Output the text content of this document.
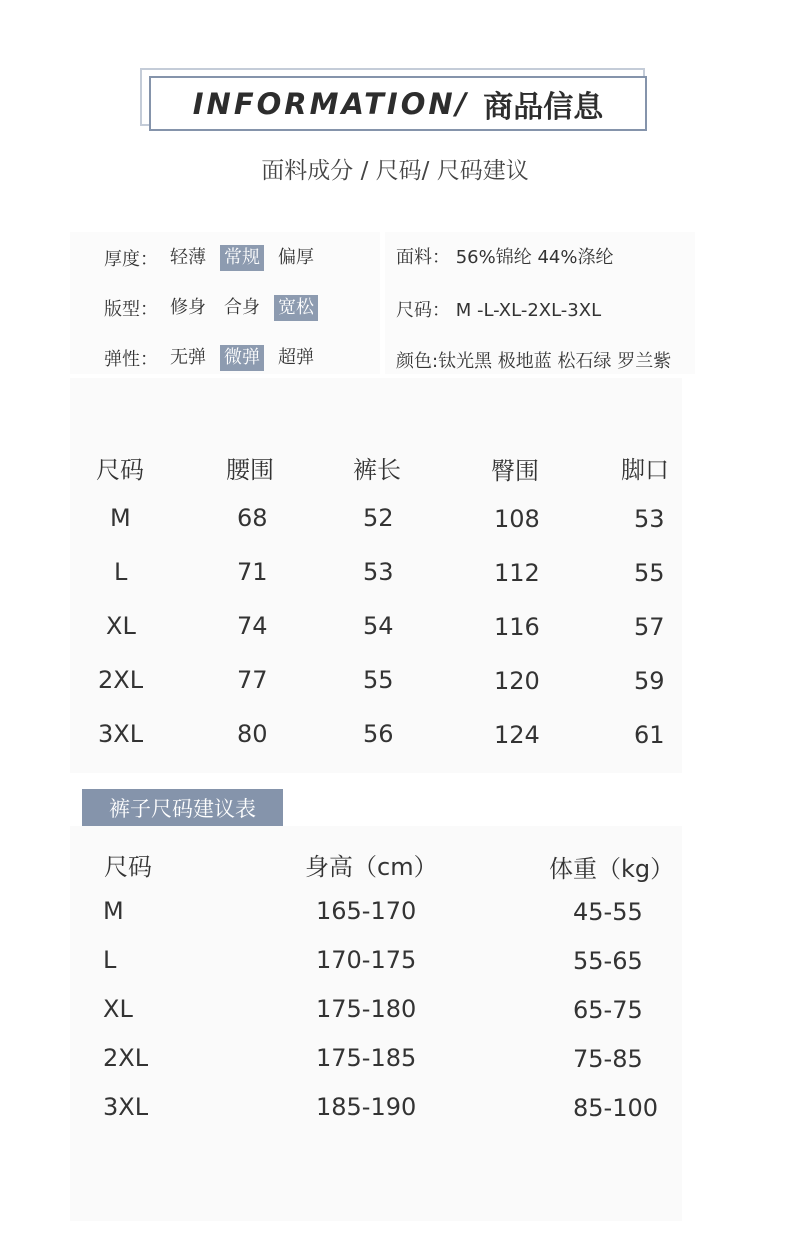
INFORMATION/ 商品信息
面料成分 / 尺码/ 尺码建议
厚度： 轻薄 常规 偏厚
版型： 修身 合身 宽松
弹性： 无弹 微弹 超弹
面料： 56%锦纶 44%涤纶
尺码： M -L-XL-2XL-3XL
颜色:钛光黑 极地蓝 松石绿 罗兰紫
尺码	腰围	裤长	臀围	脚口
M	68	52	108	53
L	71	53	112	55
XL	74	54	116	57
2XL	77	55	120	59
3XL	80	56	124	61
裤子尺码建议表
尺码	身高（cm）	体重（kg）
M	165-170	45-55
L	170-175	55-65
XL	175-180	65-75
2XL	175-185	75-85
3XL	185-190	85-100
